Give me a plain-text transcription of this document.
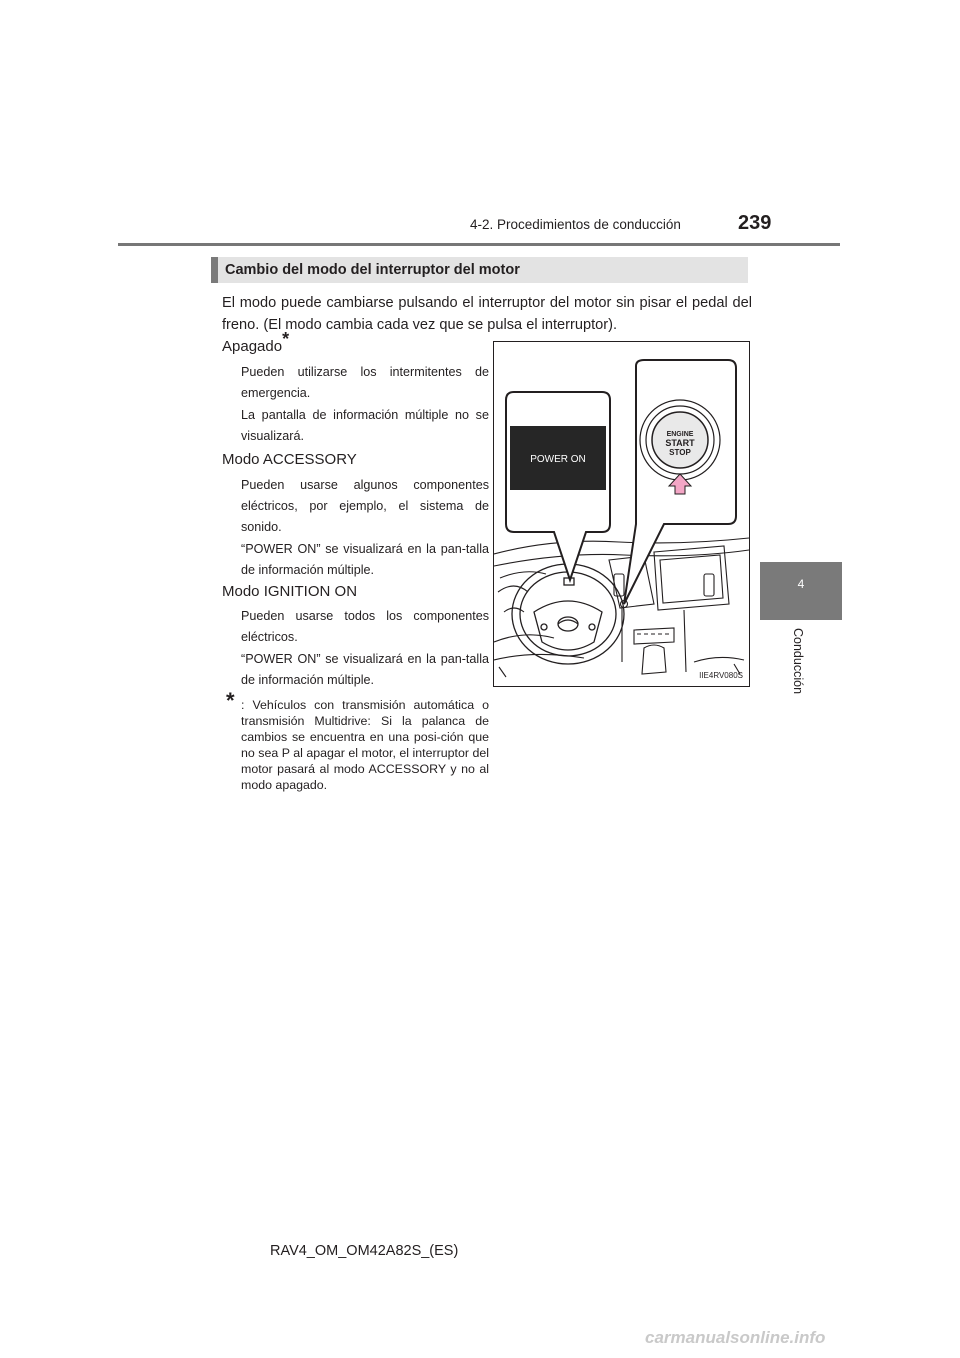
4-2. Procedimientos de conducción	239
4
Conducción
Cambio del modo del interruptor del motor
El modo puede cambiarse pulsando el interruptor del motor sin pisar el pedal del freno. (El modo cambia cada vez que se pulsa el interruptor).
Apagado*
Pueden utilizarse los intermitentes de emergencia.
La pantalla de información múltiple no se visualizará.
Modo ACCESSORY
Pueden usarse algunos componentes eléctricos, por ejemplo, el sistema de sonido.
“POWER ON” se visualizará en la pan-talla de información múltiple.
Modo IGNITION ON
Pueden usarse todos los componentes eléctricos.
“POWER ON” se visualizará en la pan-talla de información múltiple.
* : Vehículos con transmisión automática o transmisión Multidrive: Si la palanca de cambios se encuentra en una posi-ción que no sea P al apagar el motor, el interruptor del motor pasará al modo ACCESSORY y no al modo apagado.
POWER ON
ENGINE
START
STOP
IIE4RV080S
RAV4_OM_OM42A82S_(ES)
carmanualsonline.info
